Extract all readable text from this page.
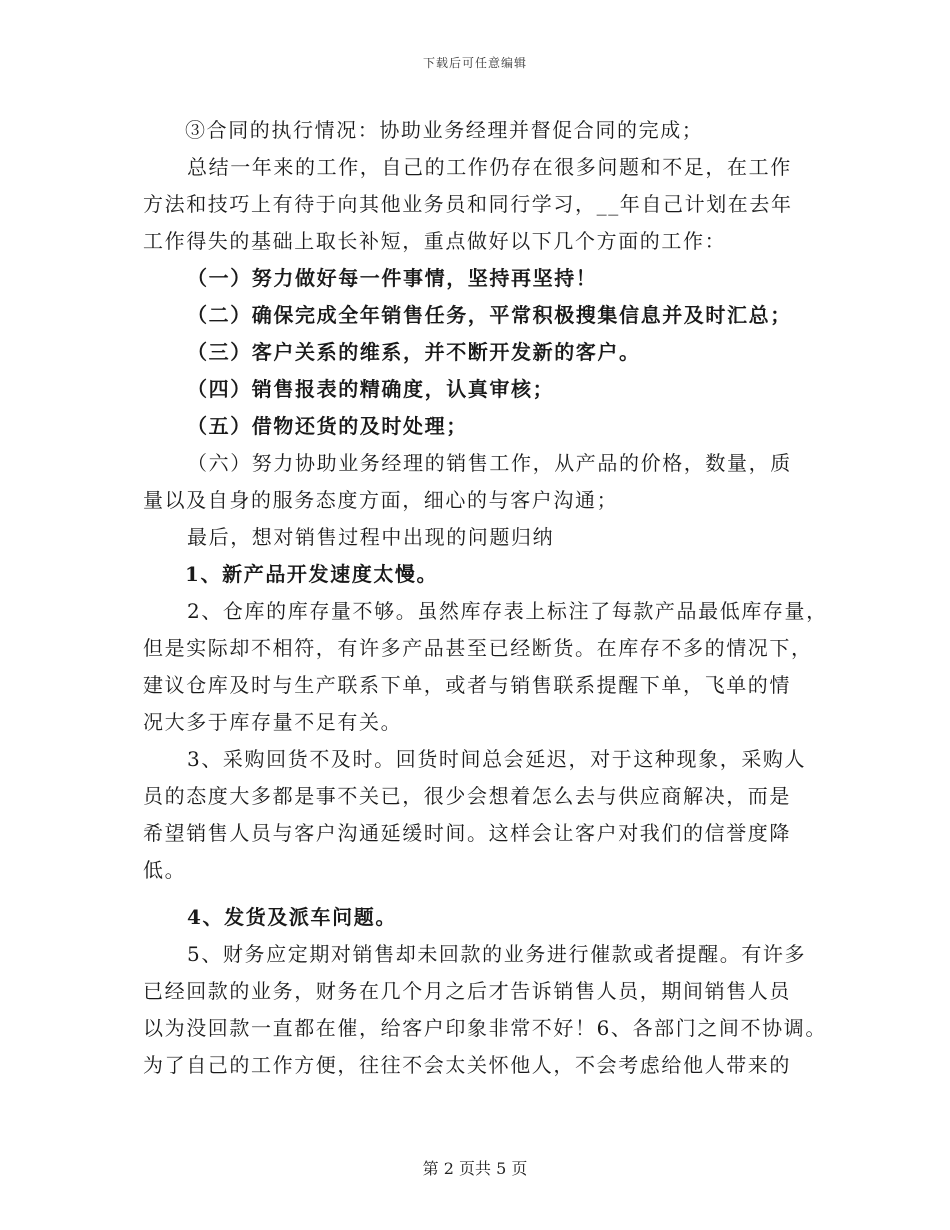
下载后可任意编辑
③合同的执行情况：协助业务经理并督促合同的完成；
总结一年来的工作，自己的工作仍存在很多问题和不足，在工作
方法和技巧上有待于向其他业务员和同行学习，__年自己计划在去年
工作得失的基础上取长补短，重点做好以下几个方面的工作：
（一）努力做好每一件事情，坚持再坚持！
（二）确保完成全年销售任务，平常积极搜集信息并及时汇总；
（三）客户关系的维系，并不断开发新的客户。
（四）销售报表的精确度，认真审核；
（五）借物还货的及时处理；
（六）努力协助业务经理的销售工作，从产品的价格，数量，质
量以及自身的服务态度方面，细心的与客户沟通；
最后，想对销售过程中出现的问题归纳
1、新产品开发速度太慢。
2、仓库的库存量不够。虽然库存表上标注了每款产品最低库存量，
但是实际却不相符，有许多产品甚至已经断货。在库存不多的情况下，
建议仓库及时与生产联系下单，或者与销售联系提醒下单，飞单的情
况大多于库存量不足有关。
3、采购回货不及时。回货时间总会延迟，对于这种现象，采购人
员的态度大多都是事不关已，很少会想着怎么去与供应商解决，而是
希望销售人员与客户沟通延缓时间。这样会让客户对我们的信誉度降
低。
4、发货及派车问题。
5、财务应定期对销售却未回款的业务进行催款或者提醒。有许多
已经回款的业务，财务在几个月之后才告诉销售人员，期间销售人员
以为没回款一直都在催，给客户印象非常不好！6、各部门之间不协调。
为了自己的工作方便，往往不会太关怀他人，不会考虑给他人带来的
第 2 页共 5 页
